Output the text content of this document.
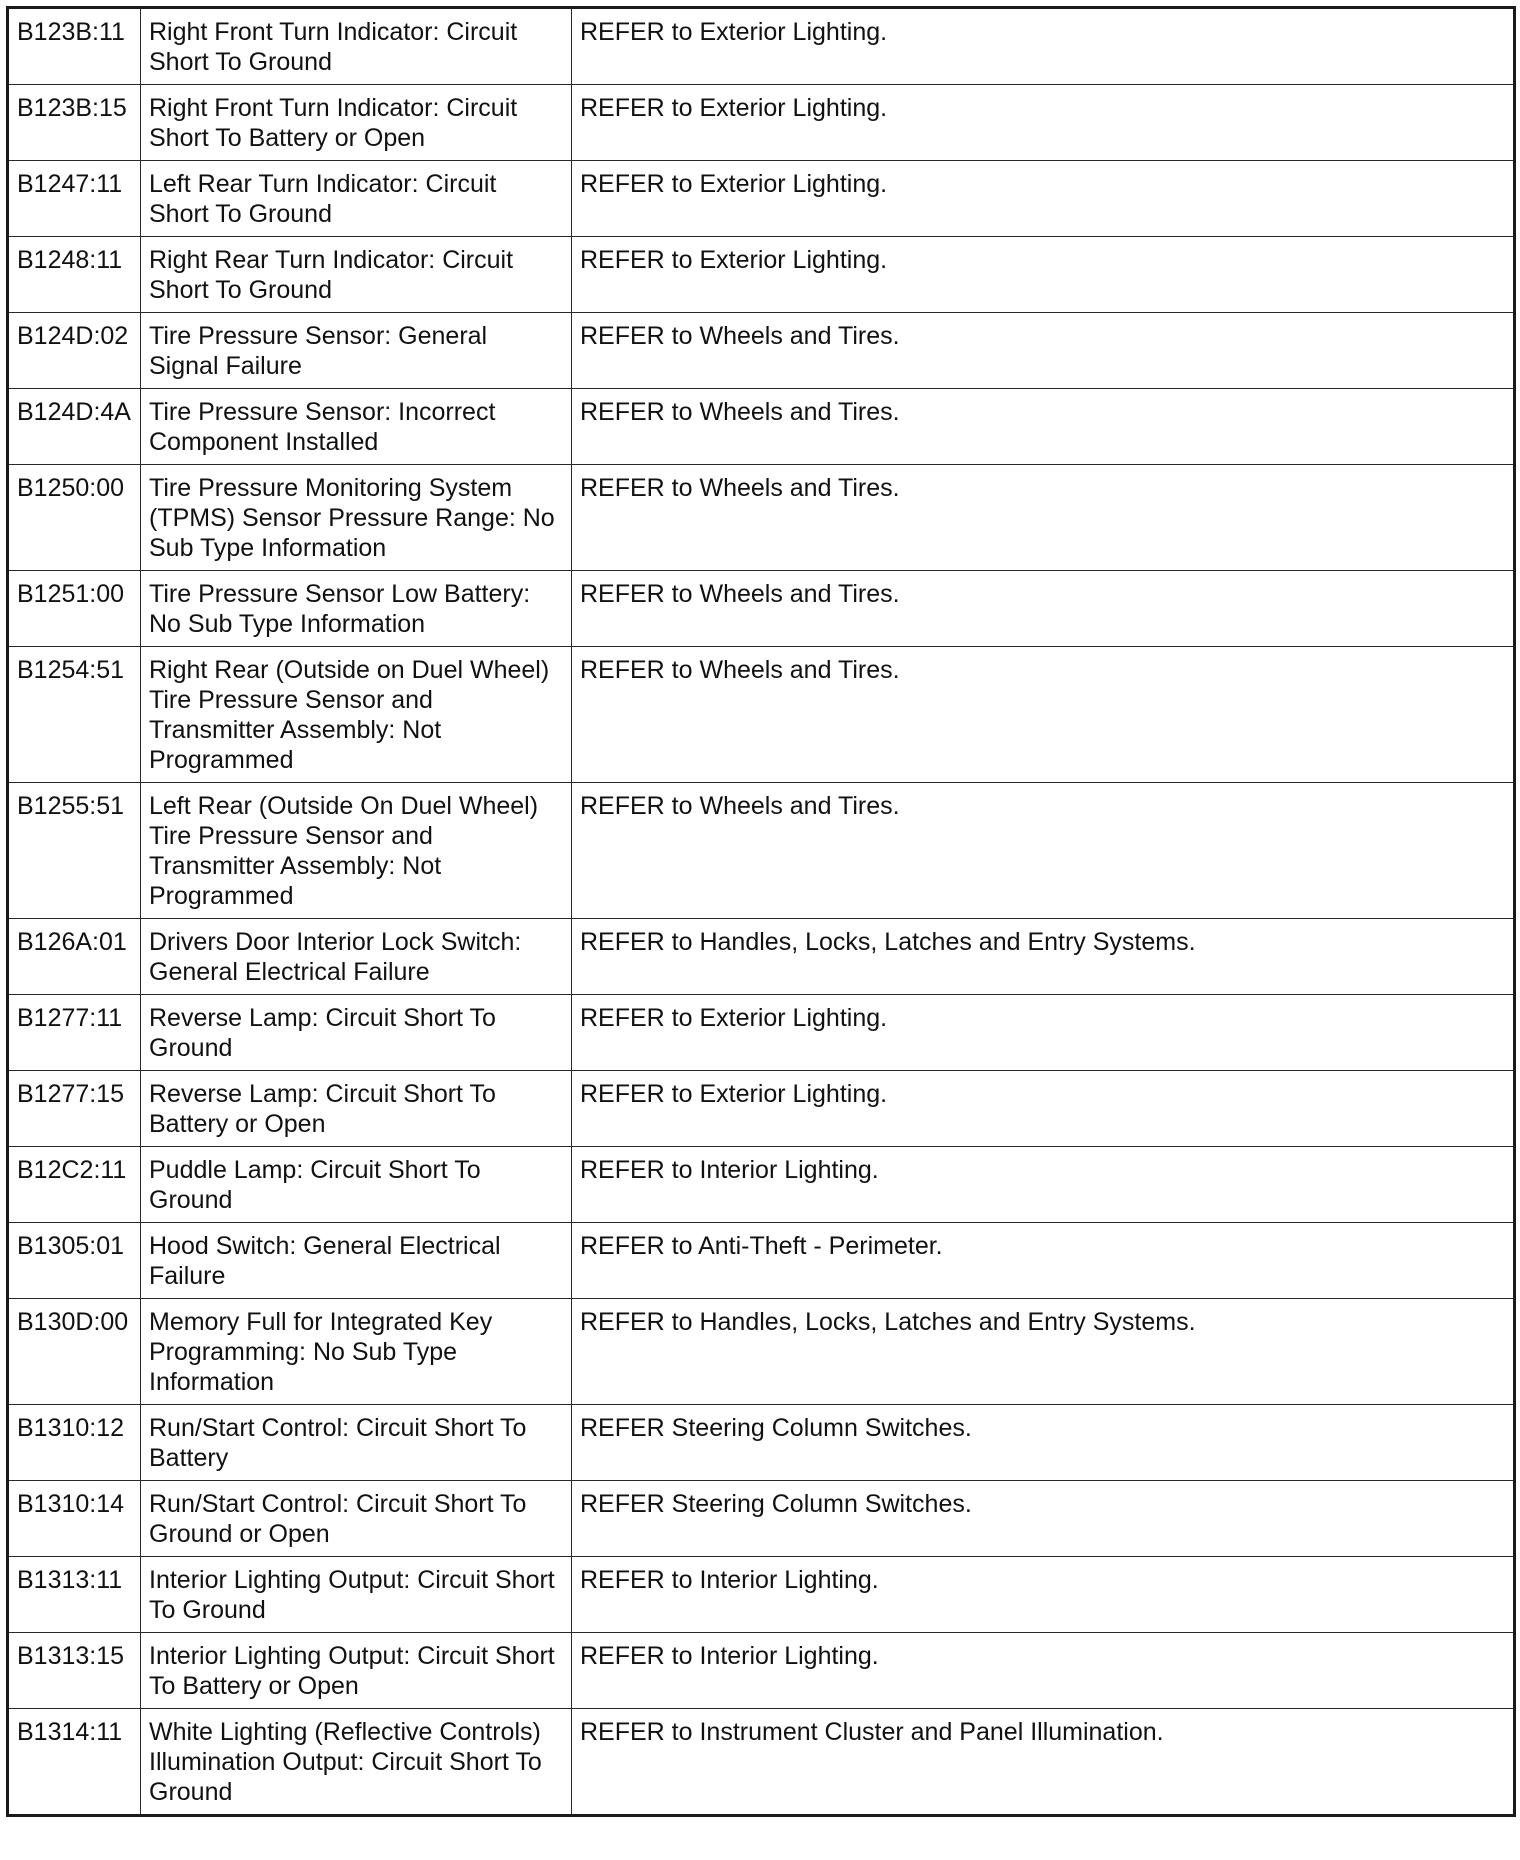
B123B:11	Right Front Turn Indicator: Circuit Short To Ground	REFER to Exterior Lighting.
B123B:15	Right Front Turn Indicator: Circuit Short To Battery or Open	REFER to Exterior Lighting.
B1247:11	Left Rear Turn Indicator: Circuit Short To Ground	REFER to Exterior Lighting.
B1248:11	Right Rear Turn Indicator: Circuit Short To Ground	REFER to Exterior Lighting.
B124D:02	Tire Pressure Sensor: General Signal Failure	REFER to Wheels and Tires.
B124D:4A	Tire Pressure Sensor: Incorrect Component Installed	REFER to Wheels and Tires.
B1250:00	Tire Pressure Monitoring System (TPMS) Sensor Pressure Range: No Sub Type Information	REFER to Wheels and Tires.
B1251:00	Tire Pressure Sensor Low Battery: No Sub Type Information	REFER to Wheels and Tires.
B1254:51	Right Rear (Outside on Duel Wheel) Tire Pressure Sensor and Transmitter Assembly: Not Programmed	REFER to Wheels and Tires.
B1255:51	Left Rear (Outside On Duel Wheel) Tire Pressure Sensor and Transmitter Assembly: Not Programmed	REFER to Wheels and Tires.
B126A:01	Drivers Door Interior Lock Switch: General Electrical Failure	REFER to Handles, Locks, Latches and Entry Systems.
B1277:11	Reverse Lamp: Circuit Short To Ground	REFER to Exterior Lighting.
B1277:15	Reverse Lamp: Circuit Short To Battery or Open	REFER to Exterior Lighting.
B12C2:11	Puddle Lamp: Circuit Short To Ground	REFER to Interior Lighting.
B1305:01	Hood Switch: General Electrical Failure	REFER to Anti-Theft - Perimeter.
B130D:00	Memory Full for Integrated Key Programming: No Sub Type Information	REFER to Handles, Locks, Latches and Entry Systems.
B1310:12	Run/Start Control: Circuit Short To Battery	REFER Steering Column Switches.
B1310:14	Run/Start Control: Circuit Short To Ground or Open	REFER Steering Column Switches.
B1313:11	Interior Lighting Output: Circuit Short To Ground	REFER to Interior Lighting.
B1313:15	Interior Lighting Output: Circuit Short To Battery or Open	REFER to Interior Lighting.
B1314:11	White Lighting (Reflective Controls) Illumination Output: Circuit Short To Ground	REFER to Instrument Cluster and Panel Illumination.
